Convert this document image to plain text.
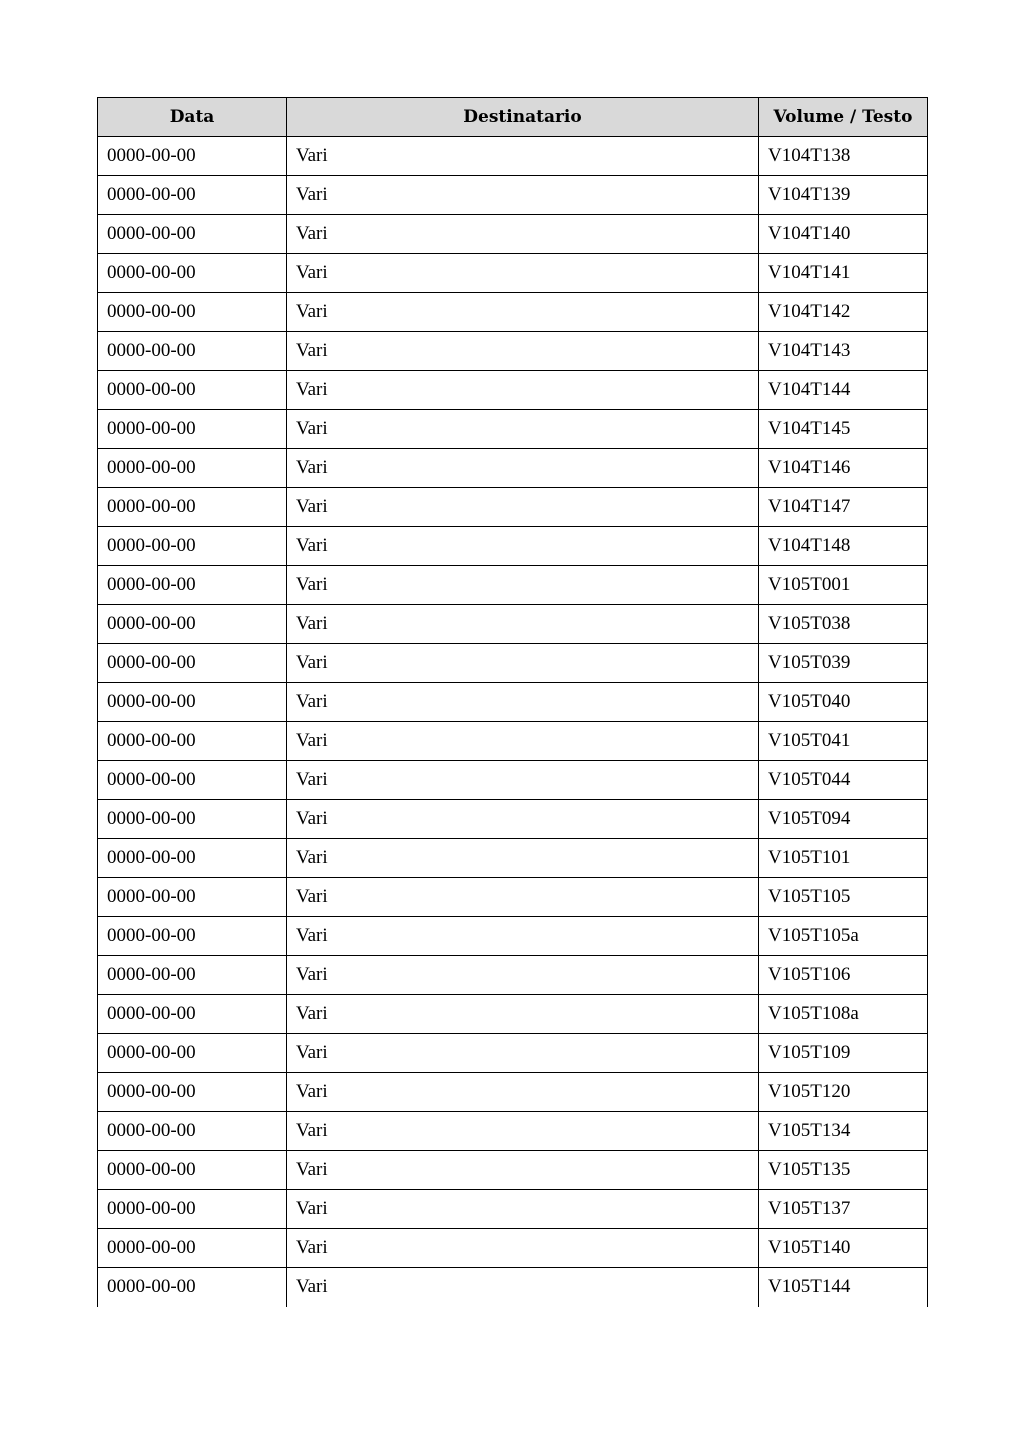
Data	Destinatario	Volume / Testo
0000-00-00	Vari	V104T138
0000-00-00	Vari	V104T139
0000-00-00	Vari	V104T140
0000-00-00	Vari	V104T141
0000-00-00	Vari	V104T142
0000-00-00	Vari	V104T143
0000-00-00	Vari	V104T144
0000-00-00	Vari	V104T145
0000-00-00	Vari	V104T146
0000-00-00	Vari	V104T147
0000-00-00	Vari	V104T148
0000-00-00	Vari	V105T001
0000-00-00	Vari	V105T038
0000-00-00	Vari	V105T039
0000-00-00	Vari	V105T040
0000-00-00	Vari	V105T041
0000-00-00	Vari	V105T044
0000-00-00	Vari	V105T094
0000-00-00	Vari	V105T101
0000-00-00	Vari	V105T105
0000-00-00	Vari	V105T105a
0000-00-00	Vari	V105T106
0000-00-00	Vari	V105T108a
0000-00-00	Vari	V105T109
0000-00-00	Vari	V105T120
0000-00-00	Vari	V105T134
0000-00-00	Vari	V105T135
0000-00-00	Vari	V105T137
0000-00-00	Vari	V105T140
0000-00-00	Vari	V105T144
